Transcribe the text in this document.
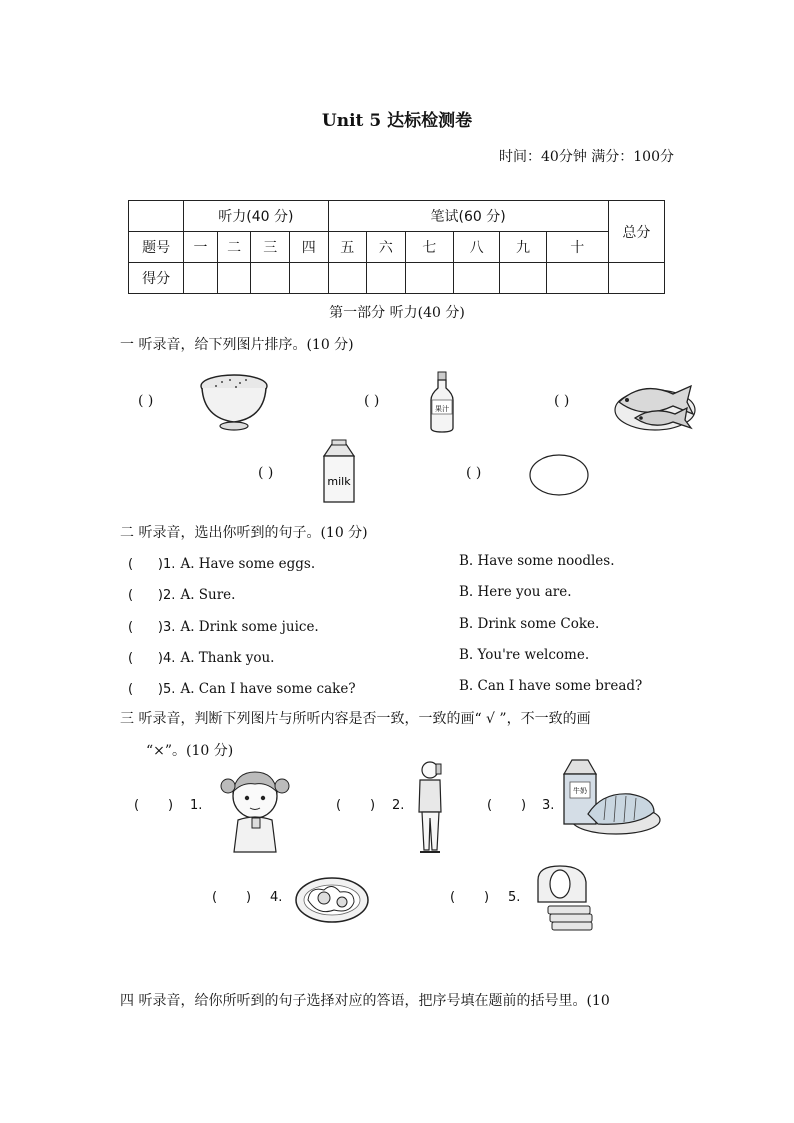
Unit 5 达标检测卷
时间：40分钟 满分：100分
	听力(40 分)				笔试(60 分)						总分
题号	一	二	三	四	五	六	七	八	九	十	
得分											
第一部分 听力(40 分)
一 听录音，给下列图片排序。(10 分)
( )	( )	果汁	( )
( )
milk
( )
二 听录音，选出你听到的句子。(10 分)
(      )1. A. Have some eggs.	B. Have some noodles.
(      )2. A. Sure.	B. Here you are.
(      )3. A. Drink some juice.	B. Drink some Coke.
(      )4. A. Thank you.	B. You're welcome.
(      )5. A. Can I have some cake?	B. Can I have some bread?
三 听录音，判断下列图片与所听内容是否一致，一致的画“ √ ”，不一致的画
“×”。(10 分)
(       ) 1.	(       ) 2.	(       ) 3.
牛奶
(       ) 4.	(       ) 5.
四 听录音，给你所听到的句子选择对应的答语，把序号填在题前的括号里。(10
